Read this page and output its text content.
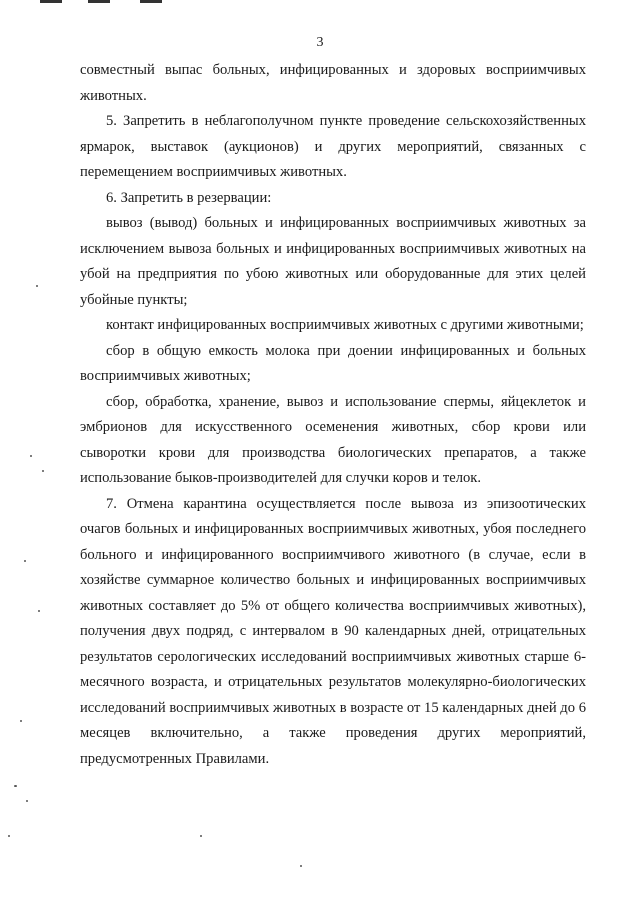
3

совместный выпас больных, инфицированных и здоровых восприимчивых животных.

5. Запретить в неблагополучном пункте проведение сельскохозяйственных ярмарок, выставок (аукционов) и других мероприятий, связанных с перемещением восприимчивых животных.

6. Запретить в резервации:

вывоз (вывод) больных и инфицированных восприимчивых животных за исключением вывоза больных и инфицированных восприимчивых животных на убой на предприятия по убою животных или оборудованные для этих целей убойные пункты;

контакт инфицированных восприимчивых животных с другими животными;

сбор в общую емкость молока при доении инфицированных и больных восприимчивых животных;

сбор, обработка, хранение, вывоз и использование спермы, яйцеклеток и эмбрионов для искусственного осеменения животных, сбор крови или сыворотки крови для производства биологических препаратов, а также использование быков-производителей для случки коров и телок.

7. Отмена карантина осуществляется после вывоза из эпизоотических очагов больных и инфицированных восприимчивых животных, убоя последнего больного и инфицированного восприимчивого животного (в случае, если в хозяйстве суммарное количество больных и инфицированных восприимчивых животных составляет до 5% от общего количества восприимчивых животных), получения двух подряд, с интервалом в 90 календарных дней, отрицательных результатов серологических исследований восприимчивых животных старше 6-месячного возраста, и отрицательных результатов молекулярно-биологических исследований восприимчивых животных в возрасте от 15 календарных дней до 6 месяцев включительно, а также проведения других мероприятий, предусмотренных Правилами.
